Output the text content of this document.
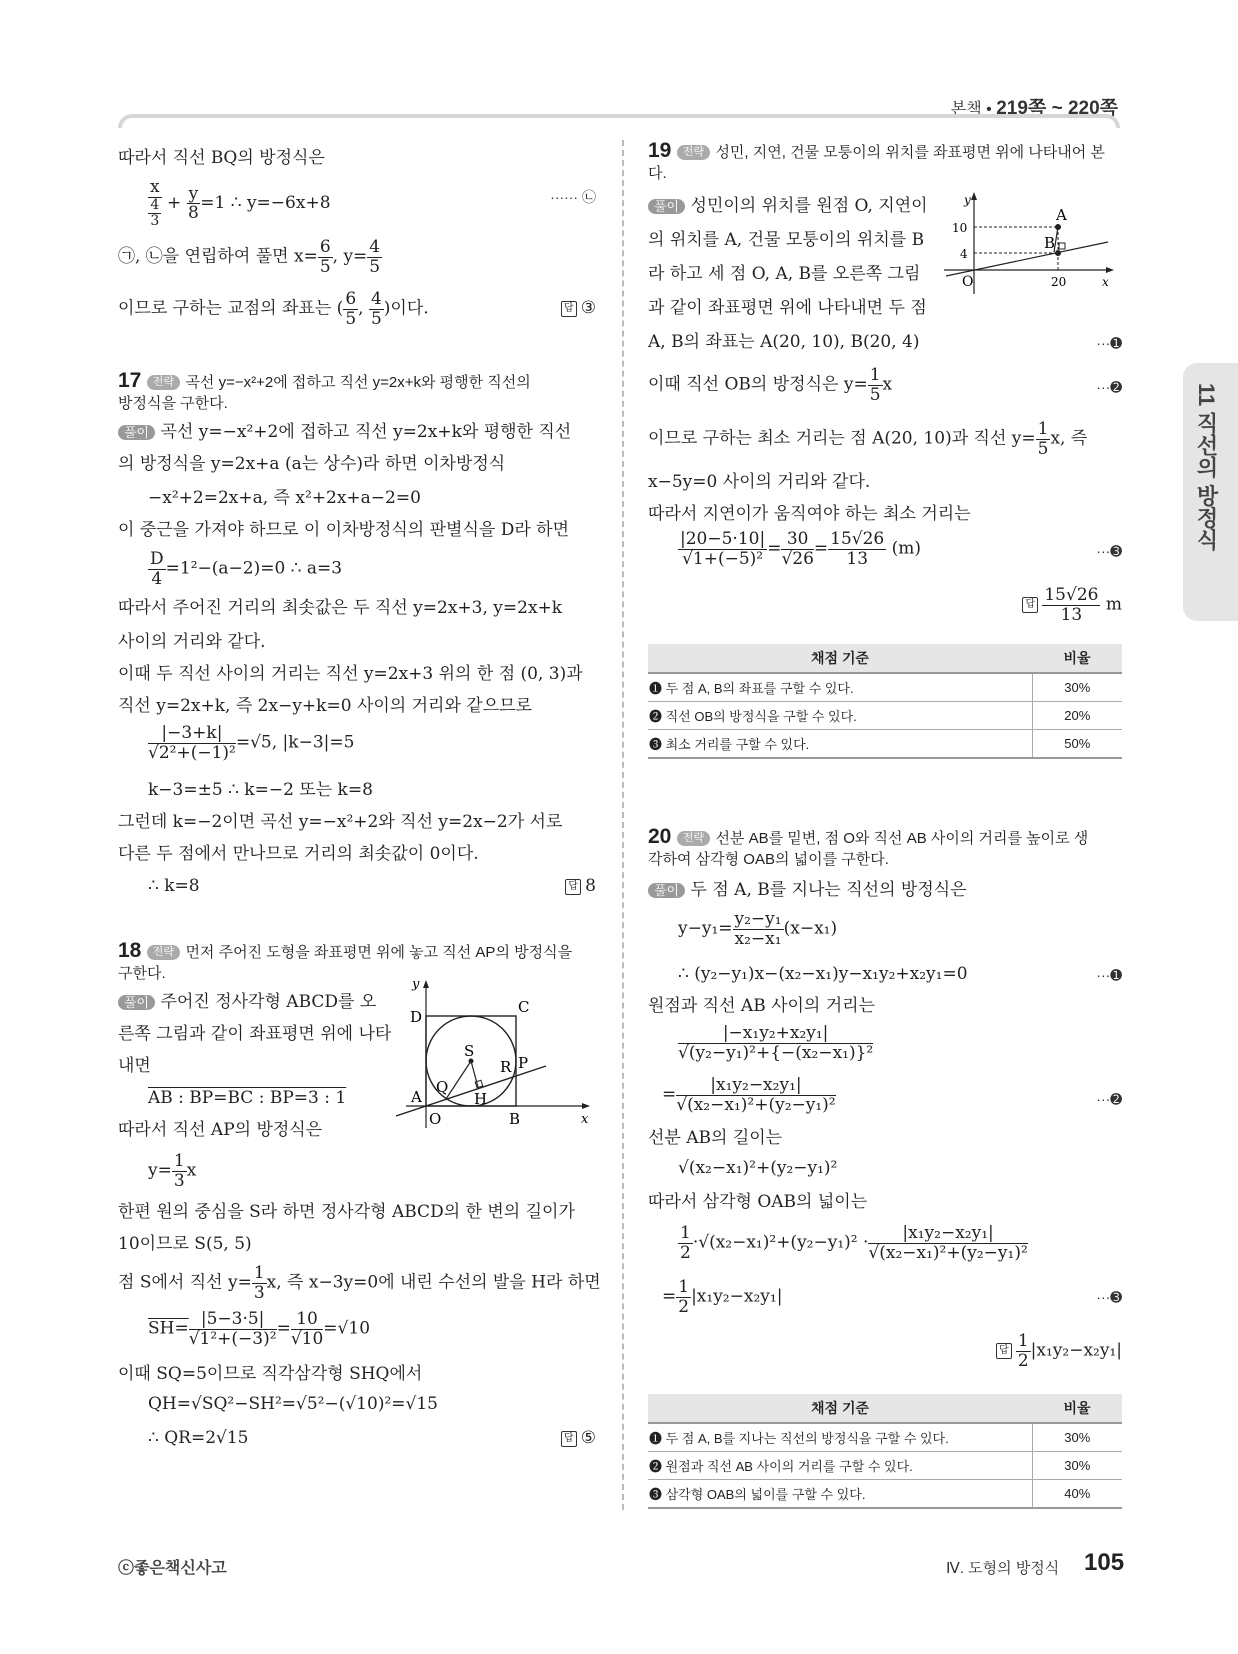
본책 • 219쪽 ~ 220쪽
11 직선의 방정식
따라서 직선 BQ의 방정식은
$\frac{x}{\frac{4}{3}} + \frac{y}{8} =1$ ∴ y=−6x+8	······ ㉡
㉠, ㉡을 연립하여 풀면 $x= \frac{6}{5}$ , $y= \frac{4}{5}$
이므로 구하는 교점의 좌표는 ( $\frac{6}{5}$ , $\frac{4}{5}$ )이다.	답 ③
17 전략 곡선 y=−x²+2에 접하고 직선 y=2x+k와 평행한 직선의
방정식을 구한다.
풀이 곡선 y=−x²+2에 접하고 직선 y=2x+k와 평행한 직선
의 방정식을 y=2x+a (a는 상수)라 하면 이차방정식
−x²+2=2x+a, 즉 x²+2x+a−2=0
이 중근을 가져야 하므로 이 이차방정식의 판별식을 D라 하면
$\frac{D}{4} =1^2-(a-2)=0$ ∴ a=3
따라서 주어진 거리의 최솟값은 두 직선 y=2x+3, y=2x+k
사이의 거리와 같다.
이때 두 직선 사이의 거리는 직선 y=2x+3 위의 한 점 (0, 3)과
직선 y=2x+k, 즉 2x−y+k=0 사이의 거리와 같으므로
$\frac{|-3+k|}{\text{√2²+(−1)²}} =√5$, |k−3|=5
k−3=±5 ∴ k=−2 또는 k=8
그런데 k=−2이면 곡선 y=−x²+2와 직선 y=2x−2가 서로
다른 두 점에서 만나므로 거리의 최솟값이 0이다.
∴ k=8	답 8
18 전략 먼저 주어진 도형을 좌표평면 위에 놓고 직선 AP의 방정식을
구한다.
풀이 주어진 정사각형 ABCD를 오
른쪽 그림과 같이 좌표평면 위에 나타
내면
AB : BP=BC : BP=3 : 1
따라서 직선 AP의 방정식은
$y= \frac{1}{3}$ x
y
x
D
C
S
R P
A
Q
H
O	B
한편 원의 중심을 S라 하면 정사각형 ABCD의 한 변의 길이가
10이므로 S(5, 5)
점 S에서 직선 $y= \frac{1}{3} x$, 즉 x−3y=0에 내린 수선의 발을 H라 하면
$SH= \frac{|5-3\cdot 5|}{\text{√1²+(−3)²}} = \frac{10}{√10} =√10$
이때 SQ=5이므로 직각삼각형 SHQ에서
QH=√SQ²−SH²=√5²−(√10)²=√15
∴ QR=2√15	답 ⑤
19 전략 성민, 지연, 건물 모퉁이의 위치를 좌표평면 위에 나타내어 본
다.
풀이 성민이의 위치를 원점 O, 지연이
의 위치를 A, 건물 모퉁이의 위치를 B
라 하고 세 점 O, A, B를 오른쪽 그림
과 같이 좌표평면 위에 나타내면 두 점
A, B의 좌표는 A(20, 10), B(20, 4)	···➊
y
x
O
A
B
10
4
20
이때 직선 OB의 방정식은 $y= \frac{1}{5}$ x	···➋
이므로 구하는 최소 거리는 점 A(20, 10)과 직선 $y= \frac{1}{5} x$, 즉
x−5y=0 사이의 거리와 같다.
따라서 지연이가 움직여야 하는 최소 거리는
$\frac{|20-5\cdot 10|}{\text{√1+(−5)²}} = \frac{30}{√26} = \frac{15√26}{13} (m)$	···➌
답 $\frac{15√26}{13}$ m
채점 기준	비율
➊ 두 점 A, B의 좌표를 구할 수 있다.	30%
➋ 직선 OB의 방정식을 구할 수 있다.	20%
➌ 최소 거리를 구할 수 있다.	50%
20 전략 선분 AB를 밑변, 점 O와 직선 AB 사이의 거리를 높이로 생
각하여 삼각형 OAB의 넓이를 구한다.
풀이 두 점 A, B를 지나는 직선의 방정식은
$y-y_1= \frac{\text{y₂−y₁}}{\text{x₂−x₁}} (x-x_1)$
∴ (y₂−y₁)x−(x₂−x₁)y−x₁y₂+x₂y₁=0	···➊
원점과 직선 AB 사이의 거리는
$\frac{\text{|−x₁y₂+x₂y₁|}}{\text{√(y₂−y₁)²+\{−(x₂−x₁)\}²}}$
= $\frac{\text{|x₁y₂−x₂y₁|}}{\text{√(x₂−x₁)²+(y₂−y₁)²}}$	···➋
선분 AB의 길이는
√(x₂−x₁)²+(y₂−y₁)²
따라서 삼각형 OAB의 넓이는
$\frac{1}{2} \cdot√(x_2-x_1)^2+(y_2-y_1)^2 \cdot \frac{\text{|x₁y₂−x₂y₁|}}{\text{√(x₂−x₁)²+(y₂−y₁)²}}$
= $\frac{1}{2} |x_1y_2-x_2y_1|$	···➌
답 $\frac{1}{2} |x_1y_2-x_2y_1|$
채점 기준	비율
➊ 두 점 A, B를 지나는 직선의 방정식을 구할 수 있다.	30%
➋ 원점과 직선 AB 사이의 거리를 구할 수 있다.	30%
➌ 삼각형 OAB의 넓이를 구할 수 있다.	40%
ⓒ좋은책신사고	Ⅳ. 도형의 방정식 105
